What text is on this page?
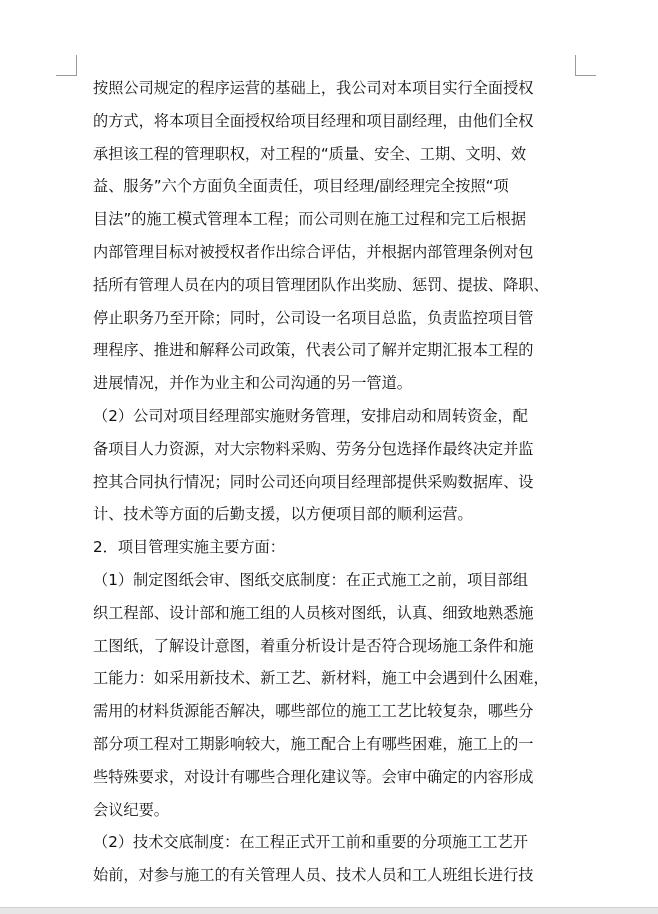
按照公司规定的程序运营的基础上，我公司对本项目实行全面授权
的方式，将本项目全面授权给项目经理和项目副经理，由他们全权
承担该工程的管理职权，对工程的“质量、安全、工期、文明、效
益、服务”六个方面负全面责任，项目经理/副经理完全按照“项
目法”的施工模式管理本工程；而公司则在施工过程和完工后根据
内部管理目标对被授权者作出综合评估，并根据内部管理条例对包
括所有管理人员在内的项目管理团队作出奖励、惩罚、提拔、降职、
停止职务乃至开除；同时，公司设一名项目总监，负责监控项目管
理程序、推进和解释公司政策，代表公司了解并定期汇报本工程的
进展情况，并作为业主和公司沟通的另一管道。
（2）公司对项目经理部实施财务管理，安排启动和周转资金，配
备项目人力资源，对大宗物料采购、劳务分包选择作最终决定并监
控其合同执行情况；同时公司还向项目经理部提供采购数据库、设
计、技术等方面的后勤支援，以方便项目部的顺利运营。
2．项目管理实施主要方面：
（1）制定图纸会审、图纸交底制度：在正式施工之前，项目部组
织工程部、设计部和施工组的人员核对图纸，认真、细致地熟悉施
工图纸，了解设计意图，着重分析设计是否符合现场施工条件和施
工能力：如采用新技术、新工艺、新材料，施工中会遇到什么困难，
需用的材料货源能否解决，哪些部位的施工工艺比较复杂，哪些分
部分项工程对工期影响较大，施工配合上有哪些困难，施工上的一
些特殊要求，对设计有哪些合理化建议等。会审中确定的内容形成
会议纪要。
（2）技术交底制度：在工程正式开工前和重要的分项施工工艺开
始前，对参与施工的有关管理人员、技术人员和工人班组长进行技
